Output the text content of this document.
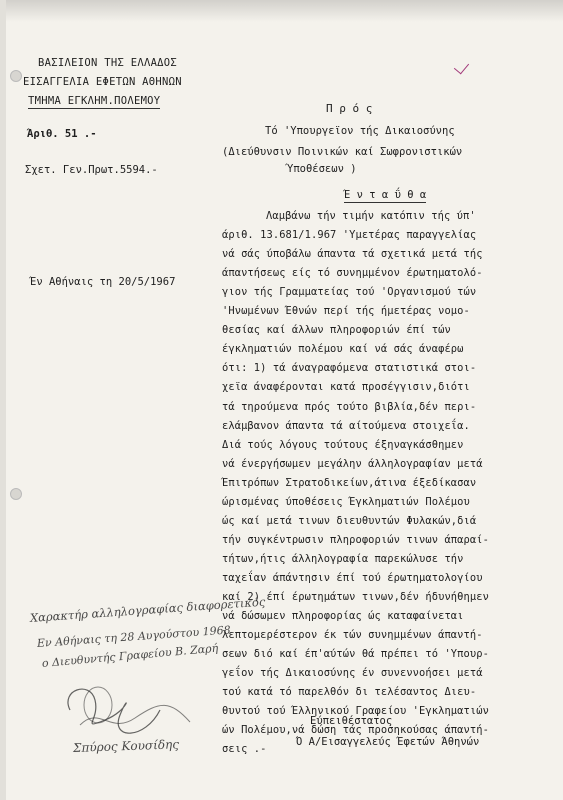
ΒΑΣΙΛΕΙΟΝ ΤΗΣ ΕΛΛΑΔΟΣ
ΕΙΣΑΓΓΕΛΙΑ ΕΦΕΤΩΝ ΑΘΗΝΩΝ
ΤΜΗΜΑ ΕΓΚΛΗΜ.ΠΟΛΕΜΟΥ
Άριθ. 51 .-
Σχετ. Γεν.Πρωτ.5594.-
Έν Αθήναις τη 20/5/1967
Π ρ ό ς
Τό 'Υπουργεϊον τής Δικαιοσύνης
(Διεύθυνσιν Ποινικών καί Σωφρονιστικών
Ύποθέσεων )
Έ ν τ α ΰ θ α
Λαμβάνω τήν τιμήν κατόπιν τής ύπ'
άριθ. 13.681/1.967 'Υμετέρας παραγγελίας
νά σάς ύποβάλω άπαντα τά σχετικά μετά τής
άπαντήσεως είς τό συνημμένον έρωτηματολό-
γιον τής Γραμματείας τού 'Οργανισμού τών
'Ηνωμένων Έθνών περί τής ήμετέρας νομο-
θεσίας καί άλλων πληροφοριών έπί τών
έγκληματιών πολέμου καί νά σάς άναφέρω
ότι: 1) τά άναγραφόμενα στατιστικά στοι-
χεϊα άναφέρονται κατά προσέγγισιν,διότι
τά τηρούμενα πρός τούτο βιβλία,δέν περι-
ελάμβανον άπαντα τά αίτούμενα στοιχεΐα.
Διά τούς λόγους τούτους έξηναγκάσθημεν
νά ένεργήσωμεν μεγάλην άλληλογραφίαν μετά
Έπιτρόπων Στρατοδικείων,άτινα έξεδίκασαν
ώρισμένας ύποθέσεις Έγκληματιών Πολέμου
ώς καί μετά τινων διευθυντών Φυλακών,διά
τήν συγκέντρωσιν πληροφοριών τινων άπαραί-
τήτων,ήτις άλληλογραφία παρεκώλυσε τήν
ταχεΐαν άπάντησιν έπί τού έρωτηματολογίου
καί 2) έπί έρωτημάτων τινων,δέν ήδυνήθημεν
νά δώσωμεν πληροφορίας ώς καταφαίνεται
λεπτομερέστερον έκ τών συνημμένων άπαντή-
σεων διό καί έπ'αύτών θά πρέπει τό 'Υπουρ-
γεΐον τής Δικαιοσύνης έν συνεννοήσει μετά
τού κατά τό παρελθόν δι τελέσαντος Διευ-
θυντού τού Έλληνικού Γραφείου 'Εγκληματιών
ών Πολέμου,νά δώση τάς προσηκούσας άπαντή-
σεις .-
Εύπειθέστατος
Ό Α/Εισαγγελεύς Έφετών Άθηνών
Χαρακτήρ αλληλογραφίας διαφορετικός
Εν Αθήναις τη 28 Αυγούστου 1968
ο Διευθυντής Γραφείου Β. Ζαρή
Σπύρος Κουσίδης
